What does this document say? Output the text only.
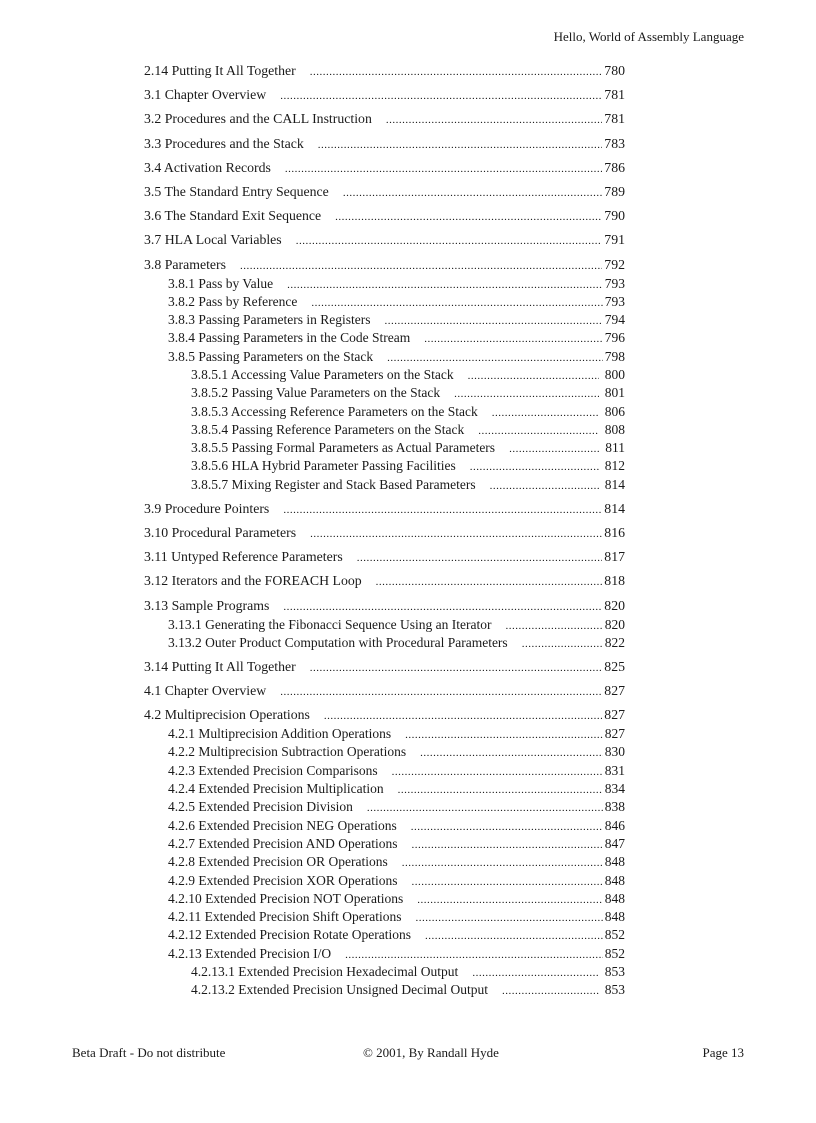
Hello, World of Assembly Language
2.14 Putting It All Together .....	780
3.1 Chapter Overview .....	781
3.2 Procedures and the CALL Instruction .....	781
3.3 Procedures and the Stack .....	783
3.4 Activation Records .....	786
3.5 The Standard Entry Sequence .....	789
3.6 The Standard Exit Sequence .....	790
3.7 HLA Local Variables .....	791
3.8 Parameters .....	792
3.8.1 Pass by Value .....	793
3.8.2 Pass by Reference .....	793
3.8.3 Passing Parameters in Registers .....	794
3.8.4 Passing Parameters in the Code Stream .....	796
3.8.5 Passing Parameters on the Stack .....	798
3.8.5.1 Accessing Value Parameters on the Stack .....	800
3.8.5.2 Passing Value Parameters on the Stack .....	801
3.8.5.3 Accessing Reference Parameters on the Stack .....	806
3.8.5.4 Passing Reference Parameters on the Stack .....	808
3.8.5.5 Passing Formal Parameters as Actual Parameters .....	811
3.8.5.6 HLA Hybrid Parameter Passing Facilities .....	812
3.8.5.7 Mixing Register and Stack Based Parameters .....	814
3.9 Procedure Pointers .....	814
3.10 Procedural Parameters .....	816
3.11 Untyped Reference Parameters .....	817
3.12 Iterators and the FOREACH Loop .....	818
3.13 Sample Programs .....	820
3.13.1 Generating the Fibonacci Sequence Using an Iterator .....	820
3.13.2 Outer Product Computation with Procedural Parameters .....	822
3.14 Putting It All Together .....	825
4.1 Chapter Overview .....	827
4.2 Multiprecision Operations .....	827
4.2.1 Multiprecision Addition Operations .....	827
4.2.2 Multiprecision Subtraction Operations .....	830
4.2.3 Extended Precision Comparisons .....	831
4.2.4 Extended Precision Multiplication .....	834
4.2.5 Extended Precision Division .....	838
4.2.6 Extended Precision NEG Operations .....	846
4.2.7 Extended Precision AND Operations .....	847
4.2.8 Extended Precision OR Operations .....	848
4.2.9 Extended Precision XOR Operations .....	848
4.2.10 Extended Precision NOT Operations .....	848
4.2.11 Extended Precision Shift Operations .....	848
4.2.12 Extended Precision Rotate Operations .....	852
4.2.13 Extended Precision I/O .....	852
4.2.13.1 Extended Precision Hexadecimal Output .....	853
4.2.13.2 Extended Precision Unsigned Decimal Output .....	853
Beta Draft - Do not distribute	© 2001, By Randall Hyde	Page 13
